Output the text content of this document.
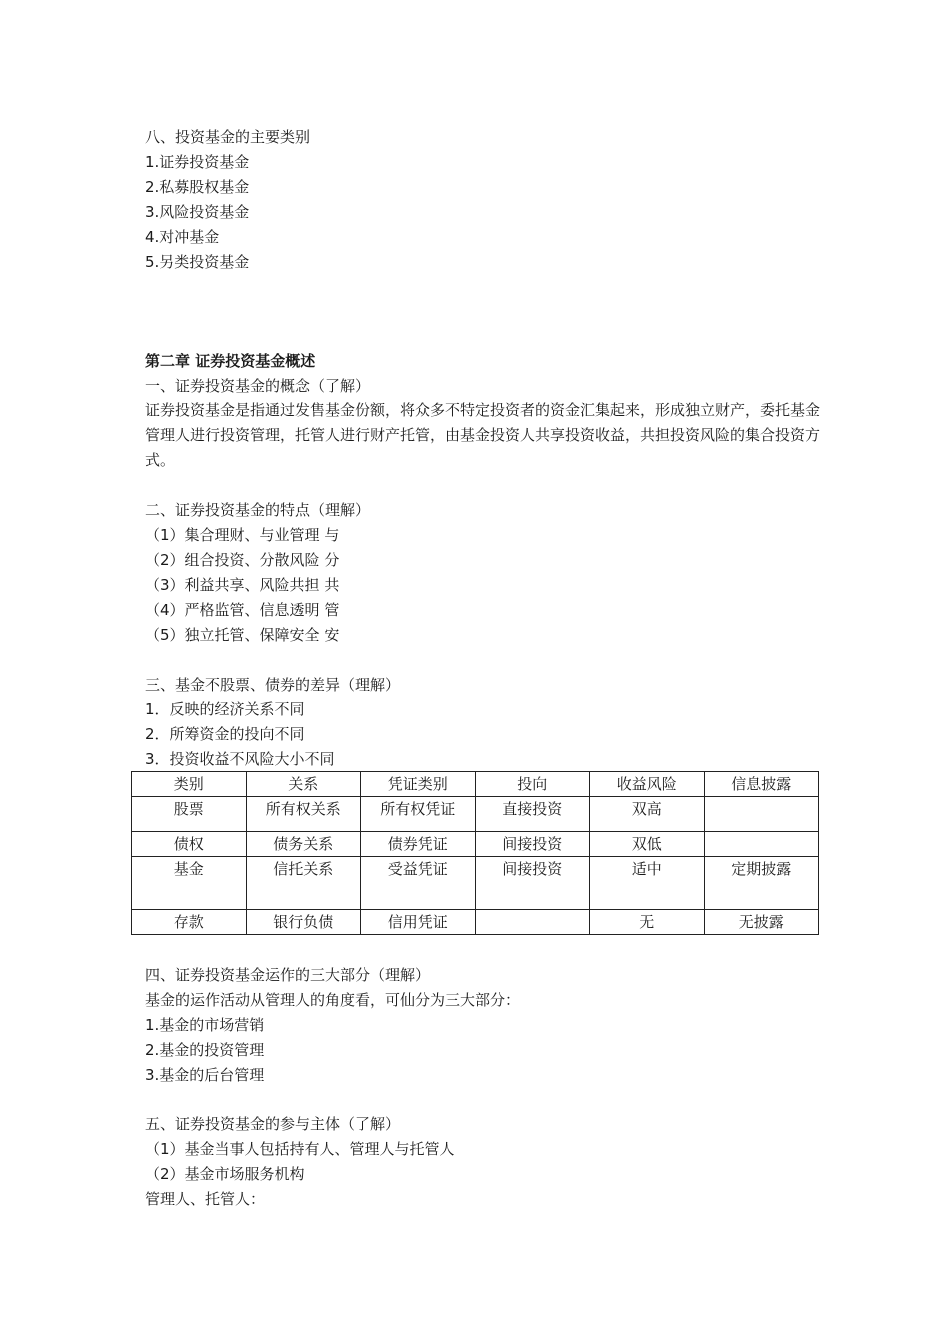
八、投资基金的主要类别
1.证券投资基金
2.私募股权基金
3.风险投资基金
4.对冲基金
5.另类投资基金
第二章 证券投资基金概述
一、证券投资基金的概念（了解）
证券投资基金是指通过发售基金份额，将众多不特定投资者的资金汇集起来，形成独立财产，委托基金管理人进行投资管理，托管人进行财产托管，由基金投资人共享投资收益，共担投资风险的集合投资方式。
二、证券投资基金的特点（理解）
（1）集合理财、与业管理 与
（2）组合投资、分散风险 分
（3）利益共享、风险共担 共
（4）严格监管、信息透明 管
（5）独立托管、保障安全 安
三、基金不股票、债券的差异（理解）
1．反映的经济关系不同
2．所筹资金的投向不同
3．投资收益不风险大小不同
类别	关系	凭证类别	投向	收益风险	信息披露
股票	所有权关系	所有权凭证	直接投资	双高	
债权	债务关系	债券凭证	间接投资	双低	
基金	信托关系	受益凭证	间接投资	适中	定期披露
存款	银行负债	信用凭证		无	无披露
四、证券投资基金运作的三大部分（理解）
基金的运作活动从管理人的角度看，可仙分为三大部分：
1.基金的市场营销
2.基金的投资管理
3.基金的后台管理
五、证券投资基金的参与主体（了解）
（1）基金当事人包括持有人、管理人与托管人
（2）基金市场服务机构
管理人、托管人：
